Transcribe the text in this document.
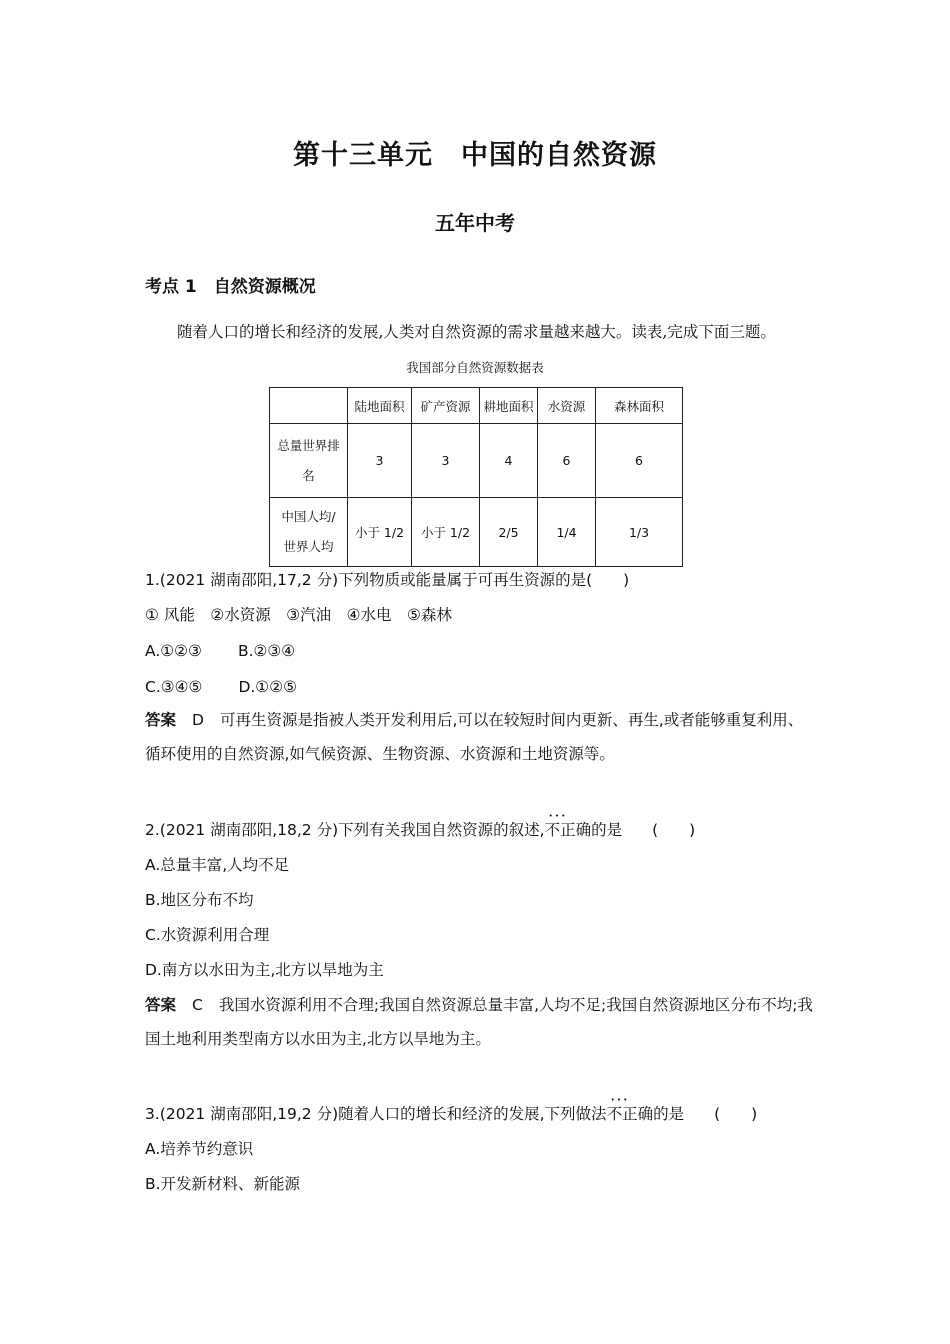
第十三单元　中国的自然资源
五年中考
考点 1　自然资源概况
随着人口的增长和经济的发展,人类对自然资源的需求量越来越大。读表,完成下面三题。
我国部分自然资源数据表
	陆地面积	矿产资源	耕地面积	水资源	森林面积
总量世界排
名	3	3	4	6	6
中国人均/
世界人均	小于 1/2	小于 1/2	2/5	1/4	1/3
1.(2021 湖南邵阳,17,2 分)下列物质或能量属于可再生资源的是(　　)
① 风能　②水资源　③汽油　④水电　⑤森林
A.①②③ B.②③④
C.③④⑤ D.①②⑤
答案 D 可再生资源是指被人类开发利用后,可以在较短时间内更新、再生,或者能够重复利用、循环使用的自然资源,如气候资源、生物资源、水资源和土地资源等。
2.(2021 湖南邵阳,18,2 分)下列有关我国自然资源的叙述,• • 不正确的是 (　　)
A.总量丰富,人均不足
B.地区分布不均
C.水资源利用合理
D.南方以水田为主,北方以旱地为主
答案 C 我国水资源利用不合理;我国自然资源总量丰富,人均不足;我国自然资源地区分布不均;我国土地利用类型南方以水田为主,北方以旱地为主。
3.(2021 湖南邵阳,19,2 分)随着人口的增长和经济的发展,下列做法• • 不正确的是 (　　)
A.培养节约意识
B.开发新材料、新能源
